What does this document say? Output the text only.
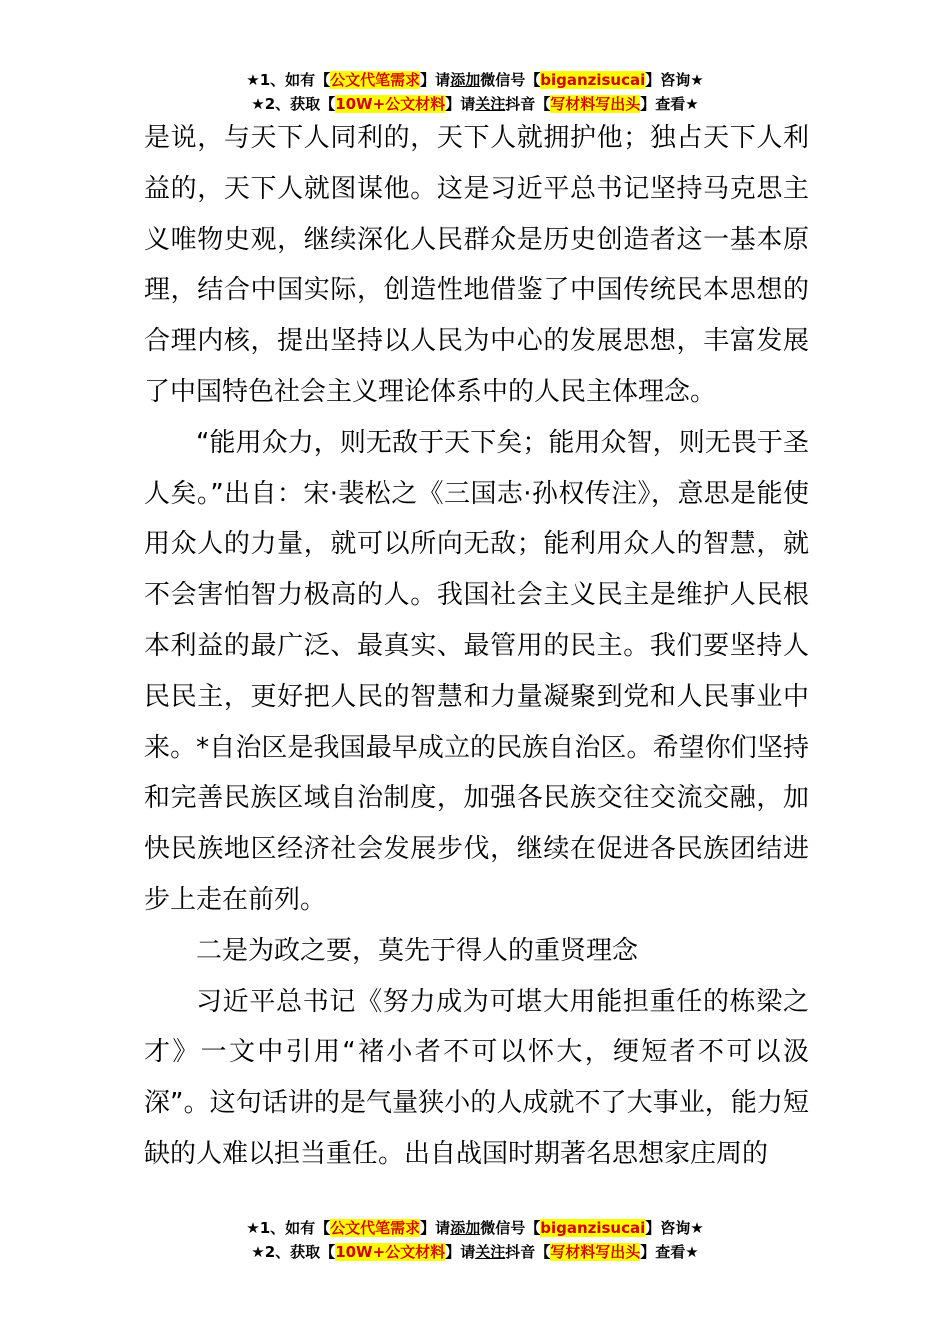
★1、如有【公文代笔需求】请添加微信号【biganzisucai】咨询★
★2、获取【10W+公文材料】请关注抖音【写材料写出头】查看★

是说，与天下人同利的，天下人就拥护他；独占天下人利益的，天下人就图谋他。这是习近平总书记坚持马克思主义唯物史观，继续深化人民群众是历史创造者这一基本原理，结合中国实际，创造性地借鉴了中国传统民本思想的合理内核，提出坚持以人民为中心的发展思想，丰富发展了中国特色社会主义理论体系中的人民主体理念。

“能用众力，则无敌于天下矣；能用众智，则无畏于圣人矣。”出自：宋·裴松之《三国志·孙权传注》，意思是能使用众人的力量，就可以所向无敌；能利用众人的智慧，就不会害怕智力极高的人。我国社会主义民主是维护人民根本利益的最广泛、最真实、最管用的民主。我们要坚持人民民主，更好把人民的智慧和力量凝聚到党和人民事业中来。*自治区是我国最早成立的民族自治区。希望你们坚持和完善民族区域自治制度，加强各民族交往交流交融，加快民族地区经济社会发展步伐，继续在促进各民族团结进步上走在前列。

二是为政之要，莫先于得人的重贤理念

习近平总书记《努力成为可堪大用能担重任的栋梁之才》一文中引用“褚小者不可以怀大，绠短者不可以汲深”。这句话讲的是气量狭小的人成就不了大事业，能力短缺的人难以担当重任。出自战国时期著名思想家庄周的

★1、如有【公文代笔需求】请添加微信号【biganzisucai】咨询★
★2、获取【10W+公文材料】请关注抖音【写材料写出头】查看★
